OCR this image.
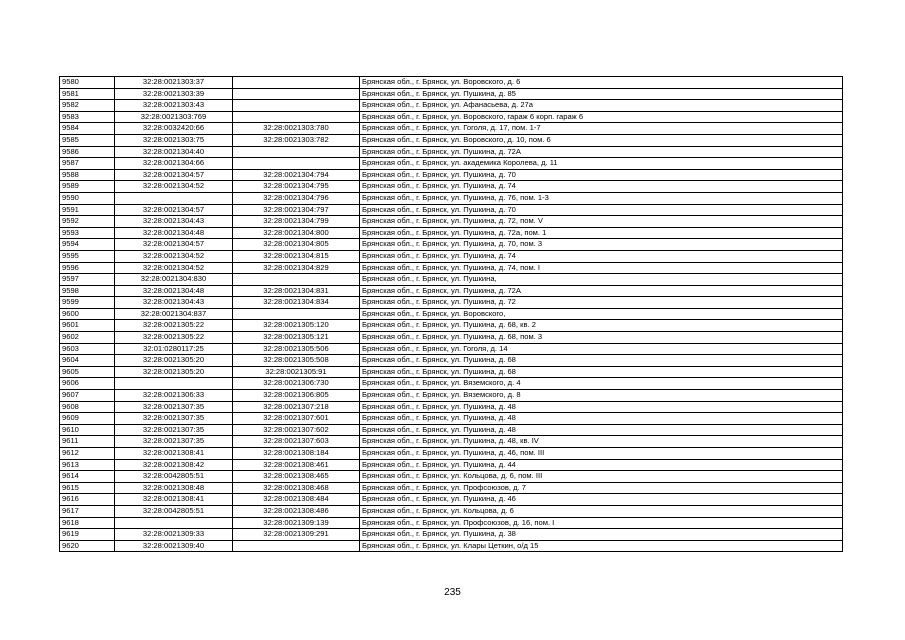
9580	32:28:0021303:37		Брянская обл., г. Брянск, ул. Воровского, д. 6
9581	32:28:0021303:39		Брянская обл., г. Брянск, ул. Пушкина, д. 85
9582	32:28:0021303:43		Брянская обл., г. Брянск, ул. Афанасьева, д. 27а
9583	32:28:0021303:769		Брянская обл., г. Брянск, ул. Воровского, гараж 6 корп. гараж 6
9584	32:28:0032420:66	32:28:0021303:780	Брянская обл., г. Брянск, ул. Гоголя, д. 17, пом. 1-7
9585	32:28:0021303:75	32:28:0021303:782	Брянская обл., г. Брянск, ул. Воровского, д. 10, пом. 6
9586	32:28:0021304:40		Брянская обл., г. Брянск, ул. Пушкина, д. 72А
9587	32:28:0021304:66		Брянская обл., г. Брянск, ул. академика Королева, д. 11
9588	32:28:0021304:57	32:28:0021304:794	Брянская обл., г. Брянск, ул. Пушкина, д. 70
9589	32:28:0021304:52	32:28:0021304:795	Брянская обл., г. Брянск, ул. Пушкина, д. 74
9590		32:28:0021304:796	Брянская обл., г. Брянск, ул. Пушкина, д. 76, пом. 1-3
9591	32:28:0021304:57	32:28:0021304:797	Брянская обл., г. Брянск, ул. Пушкина, д. 70
9592	32:28:0021304:43	32:28:0021304:799	Брянская обл., г. Брянск, ул. Пушкина, д. 72, пом. V
9593	32:28:0021304:48	32:28:0021304:800	Брянская обл., г. Брянск, ул. Пушкина, д. 72а, пом. 1
9594	32:28:0021304:57	32:28:0021304:805	Брянская обл., г. Брянск, ул. Пушкина, д. 70, пом. 3
9595	32:28:0021304:52	32:28:0021304:815	Брянская обл., г. Брянск, ул. Пушкина, д. 74
9596	32:28:0021304:52	32:28:0021304:829	Брянская обл., г. Брянск, ул. Пушкина, д. 74, пом. I
9597	32:28:0021304:830		Брянская обл., г. Брянск, ул. Пушкина,
9598	32:28:0021304:48	32:28:0021304:831	Брянская обл., г. Брянск, ул. Пушкина, д. 72А
9599	32:28:0021304:43	32:28:0021304:834	Брянская обл., г. Брянск, ул. Пушкина, д. 72
9600	32:28:0021304:837		Брянская обл., г. Брянск, ул. Воровского,
9601	32:28:0021305:22	32:28:0021305:120	Брянская обл., г. Брянск, ул. Пушкина, д. 68, кв. 2
9602	32:28:0021305:22	32:28:0021305:121	Брянская обл., г. Брянск, ул. Пушкина, д. 68, пом. 3
9603	32:01:0280117:25	32:28:0021305:506	Брянская обл., г. Брянск, ул. Гоголя, д. 14
9604	32:28:0021305:20	32:28:0021305:508	Брянская обл., г. Брянск, ул. Пушкина, д. 68
9605	32:28:0021305:20	32:28:0021305:91	Брянская обл., г. Брянск, ул. Пушкина, д. 68
9606		32:28:0021306:730	Брянская обл., г. Брянск, ул. Вяземского, д. 4
9607	32:28:0021306:33	32:28:0021306:805	Брянская обл., г. Брянск, ул. Вяземского, д. 8
9608	32:28:0021307:35	32:28:0021307:218	Брянская обл., г. Брянск, ул. Пушкина, д. 48
9609	32:28:0021307:35	32:28:0021307:601	Брянская обл., г. Брянск, ул. Пушкина, д. 48
9610	32:28:0021307:35	32:28:0021307:602	Брянская обл., г. Брянск, ул. Пушкина, д. 48
9611	32:28:0021307:35	32:28:0021307:603	Брянская обл., г. Брянск, ул. Пушкина, д. 48, кв. IV
9612	32:28:0021308:41	32:28:0021308:184	Брянская обл., г. Брянск, ул. Пушкина, д. 46, пом. III
9613	32:28:0021308:42	32:28:0021308:461	Брянская обл., г. Брянск, ул. Пушкина, д. 44
9614	32:28:0042805:51	32:28:0021308:465	Брянская обл., г. Брянск, ул. Кольцова, д. 6, пом. III
9615	32:28:0021308:48	32:28:0021308:468	Брянская обл., г. Брянск, ул. Профсоюзов, д. 7
9616	32:28:0021308:41	32:28:0021308:484	Брянская обл., г. Брянск, ул. Пушкина, д. 46
9617	32:28:0042805:51	32:28:0021308:486	Брянская обл., г. Брянск, ул. Кольцова, д. 6
9618		32:28:0021309:139	Брянская обл., г. Брянск, ул. Профсоюзов, д. 16, пом. I
9619	32:28:0021309:33	32:28:0021309:291	Брянская обл., г. Брянск, ул. Пушкина, д. 38
9620	32:28:0021309:40		Брянская обл., г. Брянск, ул. Клары Цеткин, о/д 15
235
